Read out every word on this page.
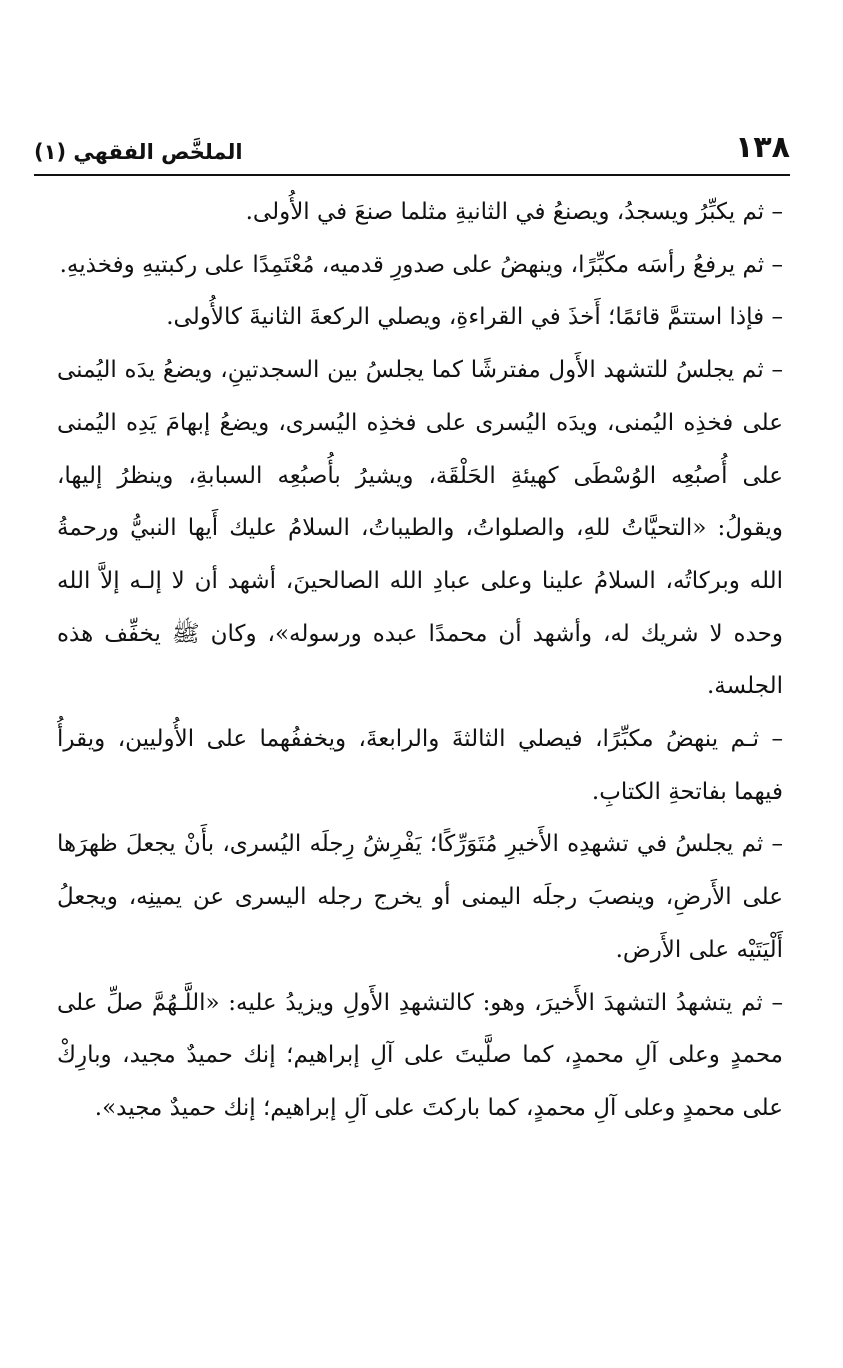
١٣٨
الملخَّص الفقهي (١)

– ثم يكبِّرُ ويسجدُ، ويصنعُ في الثانيةِ مثلما صنعَ في الأُولى.

– ثم يرفعُ رأسَه مكبِّرًا، وينهضُ على صدورِ قدميه، مُعْتَمِدًا على ركبتيهِ وفخذيهِ.

– فإذا استتمَّ قائمًا؛ أَخذَ في القراءةِ، ويصلي الركعةَ الثانيةَ كالأُولى.

– ثم يجلسُ للتشهد الأَول مفترشًا كما يجلسُ بين السجدتينِ، ويضعُ يدَه اليُمنى على فخذِه اليُمنى، ويدَه اليُسرى على فخذِه اليُسرى، ويضعُ إبهامَ يَدِه اليُمنى على أُصبُعِه الوُسْطَى كهيئةِ الحَلْقَة، ويشيرُ بأُصبُعِه السبابةِ، وينظرُ إليها، ويقولُ: «التحيَّاتُ للهِ، والصلواتُ، والطيباتُ، السلامُ عليك أَيها النبيُّ ورحمةُ الله وبركاتُه، السلامُ علينا وعلى عبادِ الله الصالحينَ، أشهد أن لا إلـه إلاَّ الله وحده لا شريك له، وأشهد أن محمدًا عبده ورسوله»، وكان ﷺ يخفِّف هذه الجلسة.

– ثـم ينهضُ مكبِّرًا، فيصلي الثالثةَ والرابعةَ، ويخففُهما على الأُوليين، ويقرأُ فيهما بفاتحةِ الكتابِ.

– ثم يجلسُ في تشهدِه الأَخيرِ مُتَوَرِّكًا؛ يَفْرِشُ رِجلَه اليُسرى، بأَنْ يجعلَ ظهرَها على الأَرضِ، وينصبَ رجلَه اليمنى أو يخرج رجله اليسرى عن يمينِه، ويجعلُ أَلْيَتَيْه على الأَرض.

– ثم يتشهدُ التشهدَ الأَخيرَ، وهو: كالتشهدِ الأَولِ ويزيدُ عليه: «اللَّـهُمَّ صلِّ على محمدٍ وعلى آلِ محمدٍ، كما صلَّيتَ على آلِ إبراهيم؛ إنك حميدٌ مجيد، وبارِكْ على محمدٍ وعلى آلِ محمدٍ، كما باركتَ على آلِ إبراهيم؛ إنك حميدٌ مجيد».
